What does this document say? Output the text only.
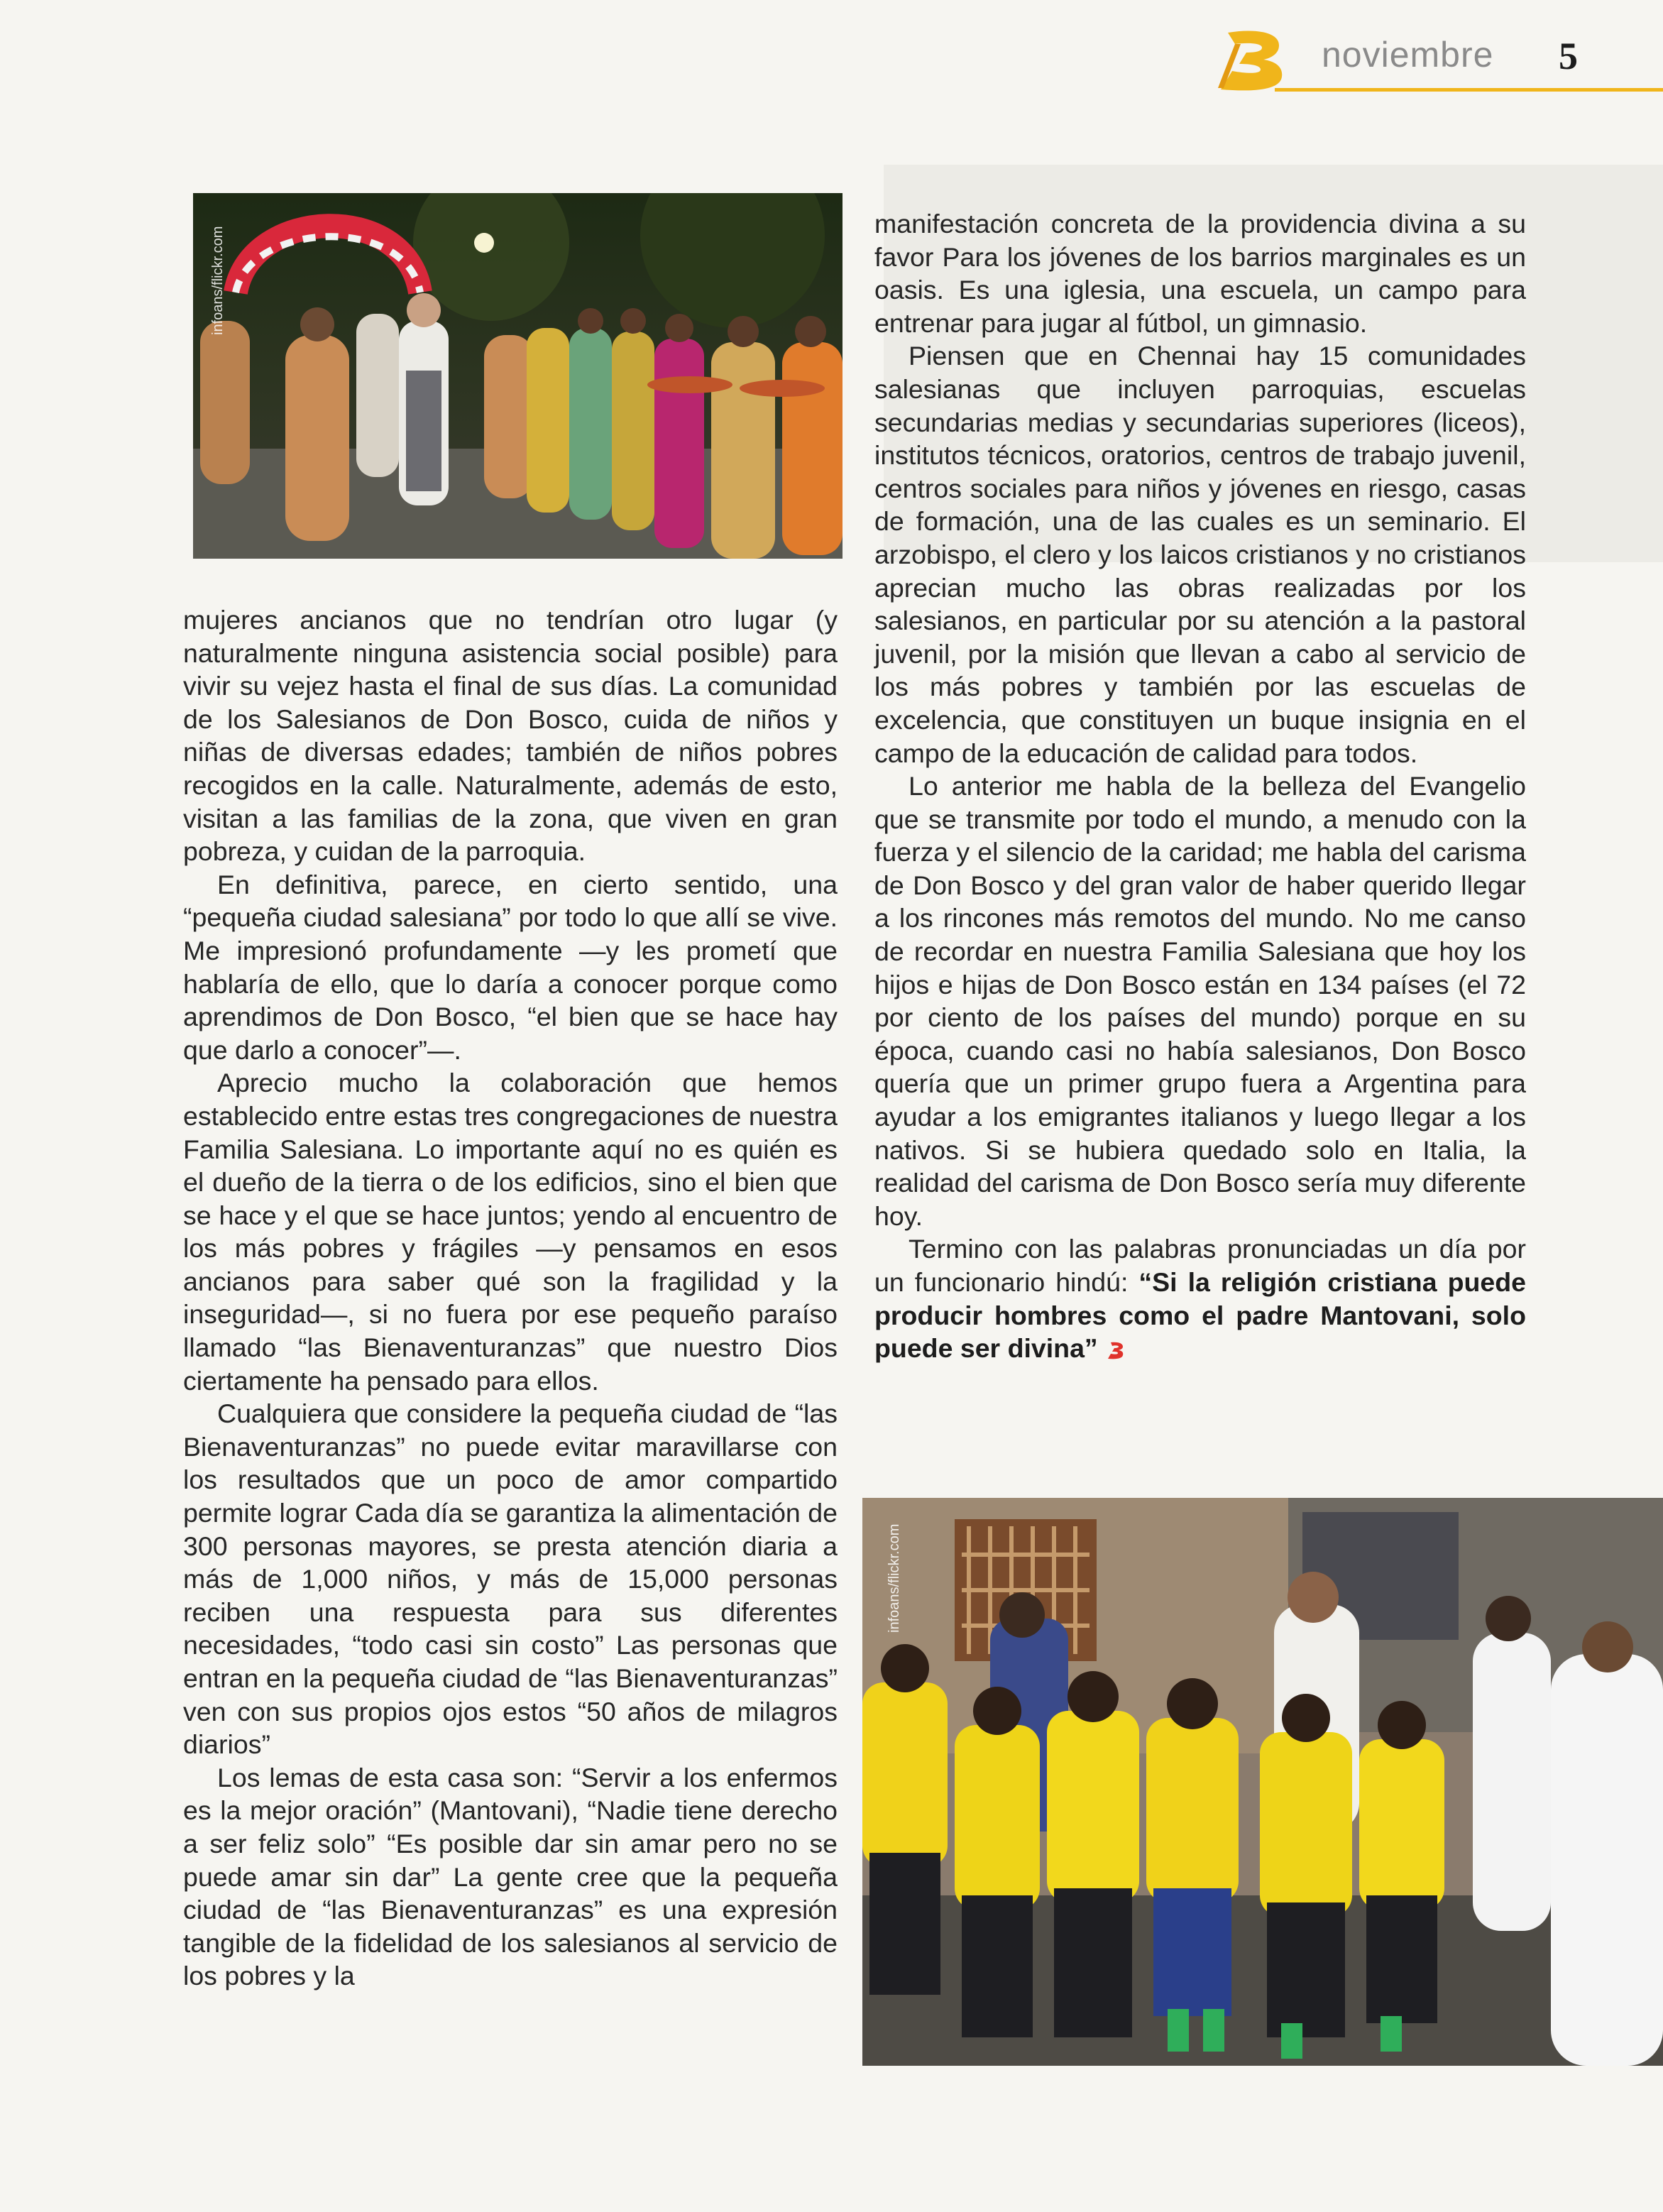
noviembre 5
infoans/flickr.com

mujeres ancianos que no tendrían otro lugar (y naturalmente ninguna asistencia social posible) para vivir su vejez hasta el final de sus días. La comunidad de los Salesianos de Don Bosco, cuida de niños y niñas de diversas edades; también de niños pobres recogidos en la calle. Naturalmente, además de esto, visitan a las familias de la zona, que viven en gran pobreza, y cuidan de la parroquia.

En definitiva, parece, en cierto sentido, una “pequeña ciudad salesiana” por todo lo que allí se vive. Me impresionó profundamente —y les prometí que hablaría de ello, que lo daría a conocer porque como aprendimos de Don Bosco, “el bien que se hace hay que darlo a conocer”—.

Aprecio mucho la colaboración que hemos establecido entre estas tres congregaciones de nuestra Familia Salesiana. Lo importante aquí no es quién es el dueño de la tierra o de los edificios, sino el bien que se hace y el que se hace juntos; yendo al encuentro de los más pobres y frágiles —y pensamos en esos ancianos para saber qué son la fragilidad y la inseguridad—, si no fuera por ese pequeño paraíso llamado “las Bienaventuranzas” que nuestro Dios ciertamente ha pensado para ellos.

Cualquiera que considere la pequeña ciudad de “las Bienaventuranzas” no puede evitar maravillarse con los resultados que un poco de amor compartido permite lograr Cada día se garantiza la alimentación de 300 personas mayores, se presta atención diaria a más de 1,000 niños, y más de 15,000 personas reciben una respuesta para sus diferentes necesidades, “todo casi sin costo” Las personas que entran en la pequeña ciudad de “las Bienaventuranzas” ven con sus propios ojos estos “50 años de milagros diarios”

Los lemas de esta casa son: “Servir a los enfermos es la mejor oración” (Mantovani), “Nadie tiene derecho a ser feliz solo” “Es posible dar sin amar pero no se puede amar sin dar” La gente cree que la pequeña ciudad de “las Bienaventuranzas” es una expresión tangible de la fidelidad de los salesianos al servicio de los pobres y la

manifestación concreta de la providencia divina a su favor Para los jóvenes de los barrios marginales es un oasis. Es una iglesia, una escuela, un campo para entrenar para jugar al fútbol, un gimnasio.

Piensen que en Chennai hay 15 comunidades salesianas que incluyen parroquias, escuelas secundarias medias y secundarias superiores (liceos), institutos técnicos, oratorios, centros de trabajo juvenil, centros sociales para niños y jóvenes en riesgo, casas de formación, una de las cuales es un seminario. El arzobispo, el clero y los laicos cristianos y no cristianos aprecian mucho las obras realizadas por los salesianos, en particular por su atención a la pastoral juvenil, por la misión que llevan a cabo al servicio de los más pobres y también por las escuelas de excelencia, que constituyen un buque insignia en el campo de la educación de calidad para todos.

Lo anterior me habla de la belleza del Evangelio que se transmite por todo el mundo, a menudo con la fuerza y el silencio de la caridad; me habla del carisma de Don Bosco y del gran valor de haber querido llegar a los rincones más remotos del mundo. No me canso de recordar en nuestra Familia Salesiana que hoy los hijos e hijas de Don Bosco están en 134 países (el 72 por ciento de los países del mundo) porque en su época, cuando casi no había salesianos, Don Bosco quería que un primer grupo fuera a Argentina para ayudar a los emigrantes italianos y luego llegar a los nativos. Si se hubiera quedado solo en Italia, la realidad del carisma de Don Bosco sería muy diferente hoy.

Termino con las palabras pronunciadas un día por un funcionario hindú: “Si la religión cristiana puede producir hombres como el padre Mantovani, solo puede ser divina”

infoans/flickr.com
